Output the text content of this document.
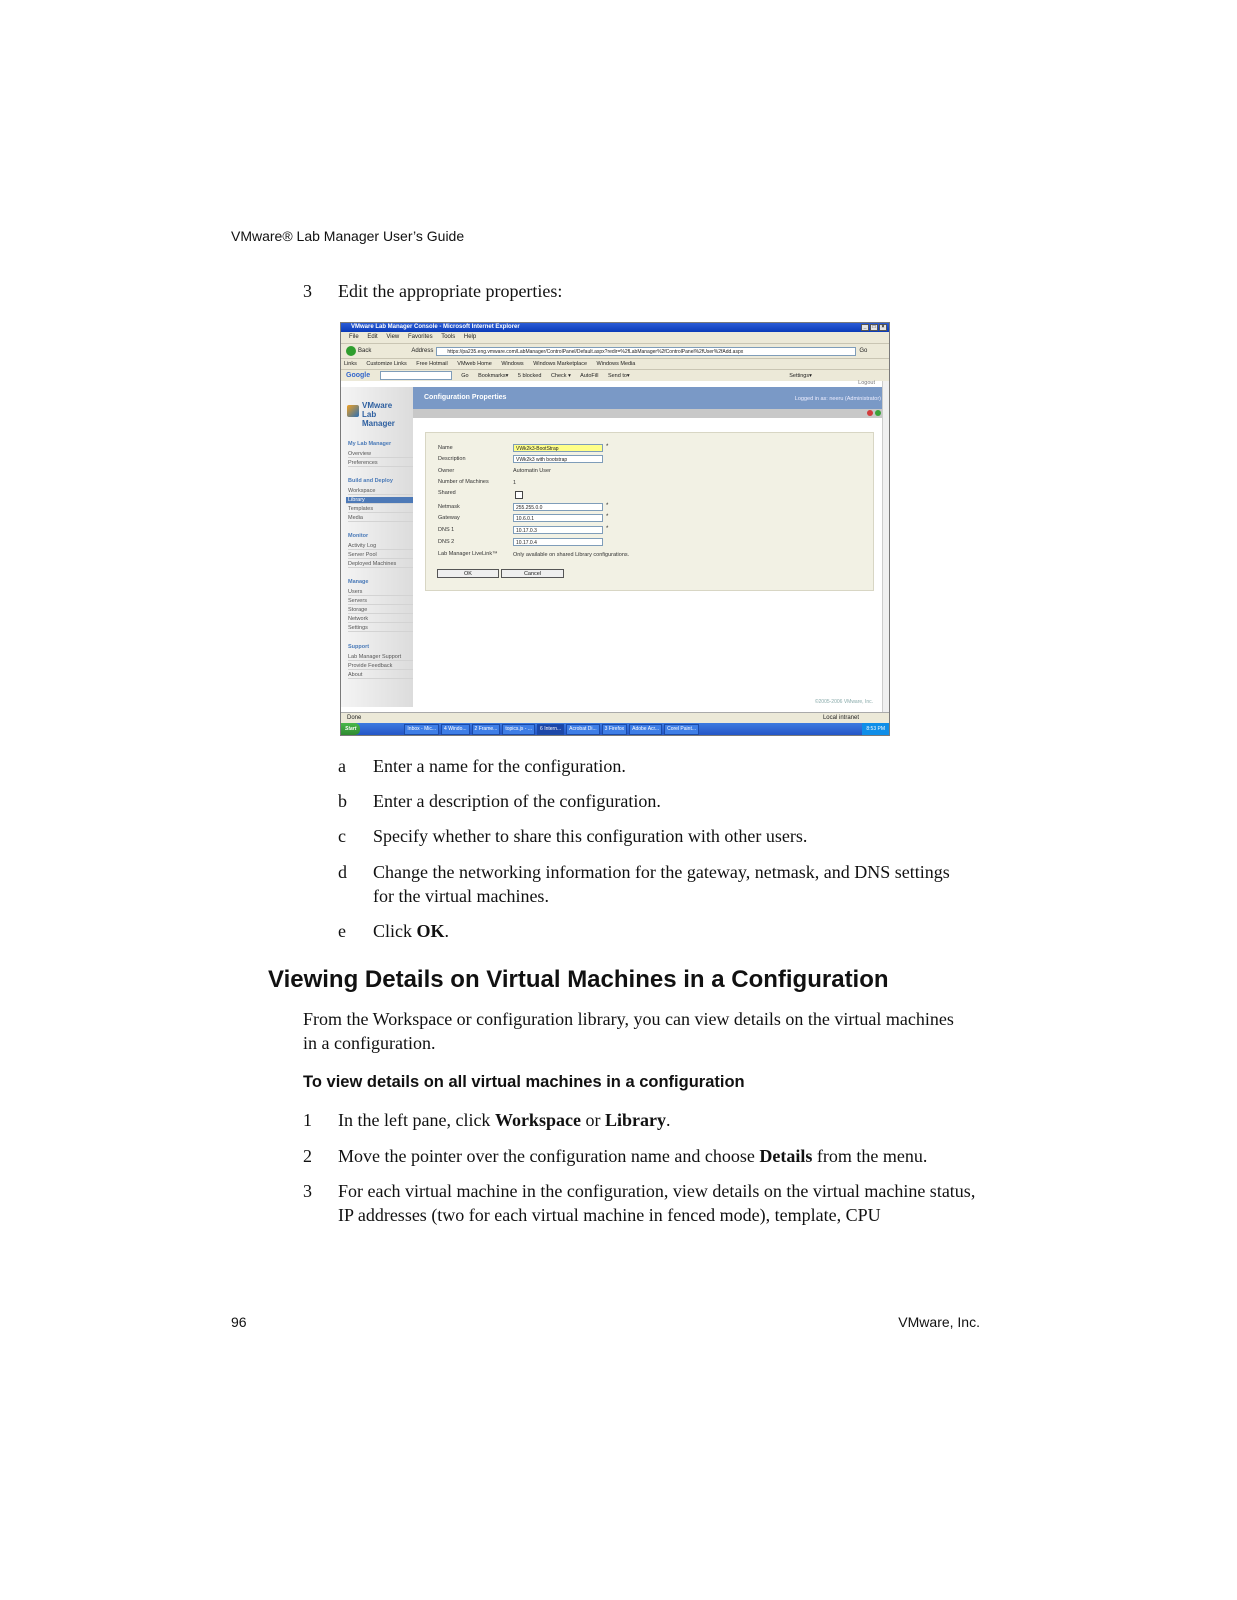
VMware® Lab Manager User’s Guide
3	Edit the appropriate properties:
VMware Lab Manager Console - Microsoft Internet Explorer	_	□	×
File Edit View Favorites Tools Help
Back	Address	https://pa235.eng.vmware.com/LabManager/ControlPanel/Default.aspx?redir=%2fLabManager%2fControlPanel%2fUser%2fAdd.aspx	Go
Links Customize Links Free Hotmail VMweb Home Windows Windows Marketplace Windows Media
Google	Go Bookmarks▾ 5 blocked Check ▾ AutoFill Send to▾	Settings▾
Logout
VMware
Lab Manager
My Lab Manager
Overview
Preferences
Build and Deploy
Workspace
Library
Templates
Media
Monitor
Activity Log
Server Pool
Deployed Machines
Manage
Users
Servers
Storage
Network
Settings
Support
Lab Manager Support
Provide Feedback
About
Configuration Properties	Logged in as: neeru (Administrator)
Name	VWk2k3-BootStrap	*
Description	VWk2k3 with bootstrap
Owner	Automatin User
Number of Machines	1
Shared
Netmask	255.255.0.0	*
Gateway	10.6.0.1	*
DNS 1	10.17.0.3	*
DNS 2	10.17.0.4
Lab Manager LiveLink™	Only available on shared Library configurations.
OK	Cancel
©2005-2006 VMware, Inc.
Done	Local intranet
Start	Inbox - Mic...	4 Windo...	2 Frame...	topics.js - ...	6 Intern...	Acrobat Di...	3 Firefox	Adobe Acr...	Corel Paint...	8:53 PM
a	Enter a name for the configuration.
b	Enter a description of the configuration.
c	Specify whether to share this configuration with other users.
d	Change the networking information for the gateway, netmask, and DNS settings for the virtual machines.
e	Click OK.
Viewing Details on Virtual Machines in a Configuration
From the Workspace or configuration library, you can view details on the virtual machines in a configuration.
To view details on all virtual machines in a configuration
1	In the left pane, click Workspace or Library.
2	Move the pointer over the configuration name and choose Details from the menu.
3	For each virtual machine in the configuration, view details on the virtual machine status, IP addresses (two for each virtual machine in fenced mode), template, CPU
96	VMware, Inc.
